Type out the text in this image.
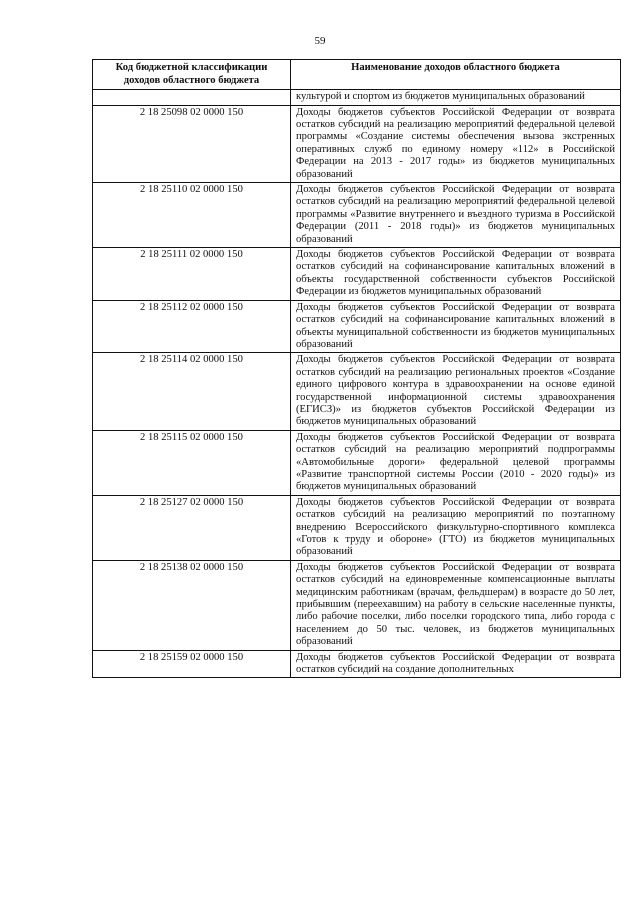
59
Код бюджетной классификации доходов областного бюджета	Наименование доходов областного бюджета
	культурой и спортом из бюджетов муниципальных образований
2 18 25098 02 0000 150	Доходы бюджетов субъектов Российской Федерации от возврата остатков субсидий на реализацию мероприятий федеральной целевой программы «Создание системы обеспечения вызова экстренных оперативных служб по единому номеру «112» в Российской Федерации на 2013 - 2017 годы» из бюджетов муниципальных образований
2 18 25110 02 0000 150	Доходы бюджетов субъектов Российской Федерации от возврата остатков субсидий на реализацию мероприятий федеральной целевой программы «Развитие внутреннего и въездного туризма в Российской Федерации (2011 - 2018 годы)» из бюджетов муниципальных образований
2 18 25111 02 0000 150	Доходы бюджетов субъектов Российской Федерации от возврата остатков субсидий на софинансирование капитальных вложений в объекты государственной собственности субъектов Российской Федерации из бюджетов муниципальных образований
2 18 25112 02 0000 150	Доходы бюджетов субъектов Российской Федерации от возврата остатков субсидий на софинансирование капитальных вложений в объекты муниципальной собственности из бюджетов муниципальных образований
2 18 25114 02 0000 150	Доходы бюджетов субъектов Российской Федерации от возврата остатков субсидий на реализацию региональных проектов «Создание единого цифрового контура в здравоохранении на основе единой государственной информационной системы здравоохранения (ЕГИСЗ)» из бюджетов субъектов Российской Федерации из бюджетов муниципальных образований
2 18 25115 02 0000 150	Доходы бюджетов субъектов Российской Федерации от возврата остатков субсидий на реализацию мероприятий подпрограммы «Автомобильные дороги» федеральной целевой программы «Развитие транспортной системы России (2010 - 2020 годы)» из бюджетов муниципальных образований
2 18 25127 02 0000 150	Доходы бюджетов субъектов Российской Федерации от возврата остатков субсидий на реализацию мероприятий по поэтапному внедрению Всероссийского физкультурно-спортивного комплекса «Готов к труду и обороне» (ГТО) из бюджетов муниципальных образований
2 18 25138 02 0000 150	Доходы бюджетов субъектов Российской Федерации от возврата остатков субсидий на единовременные компенсационные выплаты медицинским работникам (врачам, фельдшерам) в возрасте до 50 лет, прибывшим (переехавшим) на работу в сельские населенные пункты, либо рабочие поселки, либо поселки городского типа, либо города с населением до 50 тыс. человек, из бюджетов муниципальных образований
2 18 25159 02 0000 150	Доходы бюджетов субъектов Российской Федерации от возврата остатков субсидий на создание дополнительных
